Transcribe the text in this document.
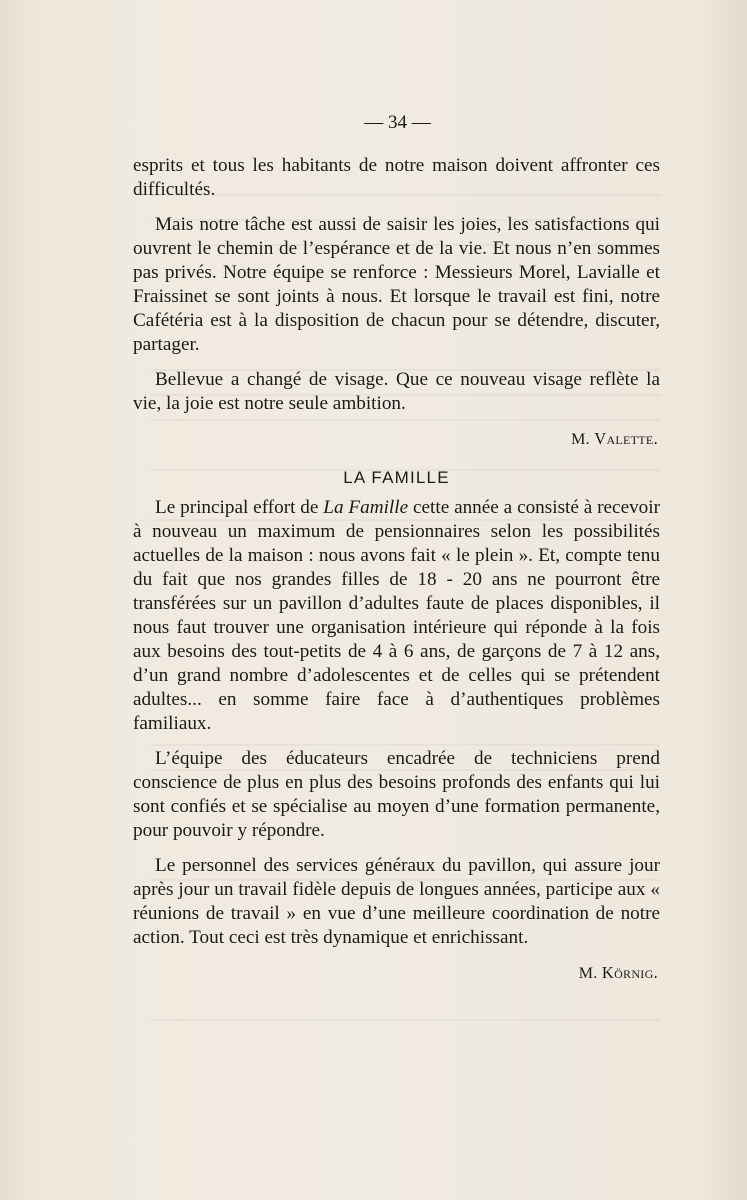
— 34 —

esprits et tous les habitants de notre maison doivent affronter ces difficultés.

Mais notre tâche est aussi de saisir les joies, les satisfactions qui ouvrent le chemin de l’espérance et de la vie. Et nous n’en sommes pas privés. Notre équipe se renforce : Messieurs Morel, Lavialle et Fraissinet se sont joints à nous. Et lorsque le travail est fini, notre Cafétéria est à la disposition de chacun pour se détendre, discuter, partager.

Bellevue a changé de visage. Que ce nouveau visage reflète la vie, la joie est notre seule ambition.

M. Valette.
LA FAMILLE

Le principal effort de La Famille cette année a consisté à recevoir à nouveau un maximum de pensionnaires selon les possibilités actuelles de la maison : nous avons fait « le plein ». Et, compte tenu du fait que nos grandes filles de 18 - 20 ans ne pourront être transférées sur un pavillon d’adultes faute de places disponibles, il nous faut trouver une organisation intérieure qui réponde à la fois aux besoins des tout-petits de 4 à 6 ans, de garçons de 7 à 12 ans, d’un grand nombre d’adolescentes et de celles qui se prétendent adultes... en somme faire face à d’authentiques problèmes familiaux.

L’équipe des éducateurs encadrée de techniciens prend conscience de plus en plus des besoins profonds des enfants qui lui sont confiés et se spécialise au moyen d’une formation permanente, pour pouvoir y répondre.

Le personnel des services généraux du pavillon, qui assure jour après jour un travail fidèle depuis de longues années, participe aux « réunions de travail » en vue d’une meilleure coordination de notre action. Tout ceci est très dynamique et enrichissant.

M. Körnig.
